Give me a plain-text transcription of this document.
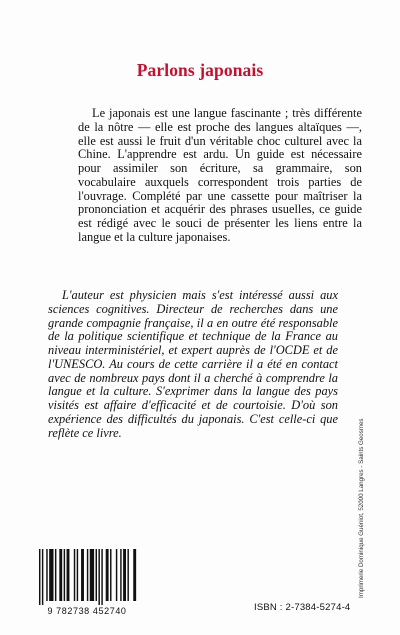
Parlons japonais

Le japonais est une langue fascinante ; très différente de la nôtre — elle est proche des langues altaïques —, elle est aussi le fruit d'un véritable choc culturel avec la Chine. L'apprendre est ardu. Un guide est nécessaire pour assimiler son écriture, sa grammaire, son vocabulaire auxquels correspondent trois parties de l'ouvrage. Complété par une cassette pour maîtriser la prononciation et acquérir des phrases usuelles, ce guide est rédigé avec le souci de présenter les liens entre la langue et la culture japonaises.

L'auteur est physicien mais s'est intéressé aussi aux sciences cognitives. Directeur de recherches dans une grande compagnie française, il a en outre été responsable de la politique scientifique et technique de la France au niveau interministériel, et expert auprès de l'OCDE et de l'UNESCO. Au cours de cette carrière il a été en contact avec de nombreux pays dont il a cherché à comprendre la langue et la culture. S'exprimer dans la langue des pays visités est affaire d'efficacité et de courtoisie. D'où son expérience des difficultés du japonais. C'est celle-ci que reflète ce livre.	Imprimerie Dominique Guéniot, 52000 Langres - Saints Geosmes
9 782738 452740	ISBN : 2-7384-5274-4
